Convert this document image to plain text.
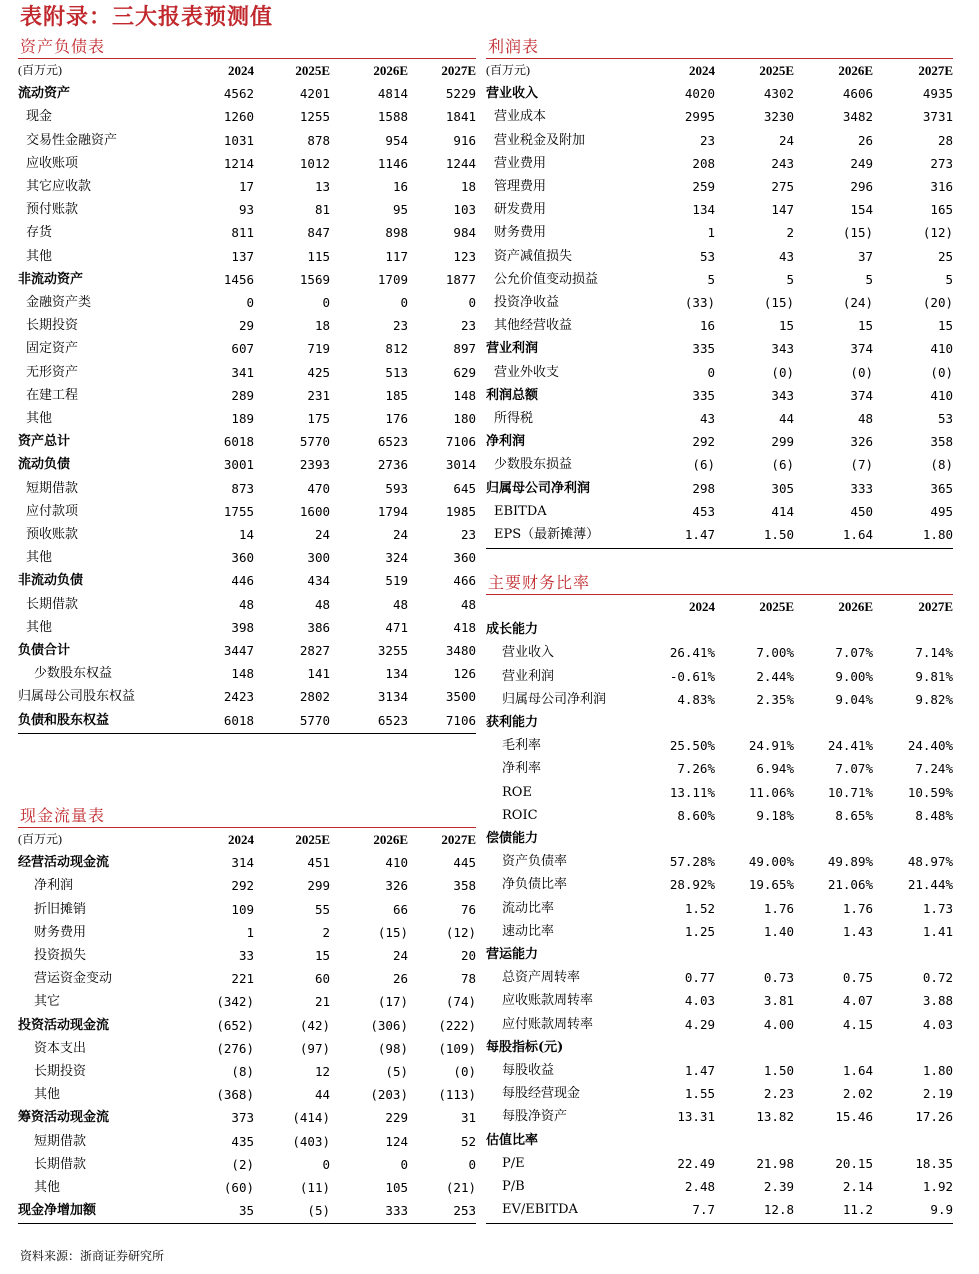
表附录：三大报表预测值
资产负债表
(百万元)	2024	2025E	2026E	2027E
流动资产	4562	4201	4814	5229
现金	1260	1255	1588	1841
交易性金融资产	1031	878	954	916
应收账项	1214	1012	1146	1244
其它应收款	17	13	16	18
预付账款	93	81	95	103
存货	811	847	898	984
其他	137	115	117	123
非流动资产	1456	1569	1709	1877
金融资产类	0	0	0	0
长期投资	29	18	23	23
固定资产	607	719	812	897
无形资产	341	425	513	629
在建工程	289	231	185	148
其他	189	175	176	180
资产总计	6018	5770	6523	7106
流动负债	3001	2393	2736	3014
短期借款	873	470	593	645
应付款项	1755	1600	1794	1985
预收账款	14	24	24	23
其他	360	300	324	360
非流动负债	446	434	519	466
长期借款	48	48	48	48
其他	398	386	471	418
负债合计	3447	2827	3255	3480
少数股东权益	148	141	134	126
归属母公司股东权益	2423	2802	3134	3500
负债和股东权益	6018	5770	6523	7106
现金流量表
(百万元)	2024	2025E	2026E	2027E
经营活动现金流	314	451	410	445
净利润	292	299	326	358
折旧摊销	109	55	66	76
财务费用	1	2	(15)	(12)
投资损失	33	15	24	20
营运资金变动	221	60	26	78
其它	(342)	21	(17)	(74)
投资活动现金流	(652)	(42)	(306)	(222)
资本支出	(276)	(97)	(98)	(109)
长期投资	(8)	12	(5)	(0)
其他	(368)	44	(203)	(113)
筹资活动现金流	373	(414)	229	31
短期借款	435	(403)	124	52
长期借款	(2)	0	0	0
其他	(60)	(11)	105	(21)
现金净增加额	35	(5)	333	253
利润表
(百万元)	2024	2025E	2026E	2027E
营业收入	4020	4302	4606	4935
营业成本	2995	3230	3482	3731
营业税金及附加	23	24	26	28
营业费用	208	243	249	273
管理费用	259	275	296	316
研发费用	134	147	154	165
财务费用	1	2	(15)	(12)
资产减值损失	53	43	37	25
公允价值变动损益	5	5	5	5
投资净收益	(33)	(15)	(24)	(20)
其他经营收益	16	15	15	15
营业利润	335	343	374	410
营业外收支	0	(0)	(0)	(0)
利润总额	335	343	374	410
所得税	43	44	48	53
净利润	292	299	326	358
少数股东损益	(6)	(6)	(7)	(8)
归属母公司净利润	298	305	333	365
EBITDA	453	414	450	495
EPS（最新摊薄）	1.47	1.50	1.64	1.80
主要财务比率
	2024	2025E	2026E	2027E
成长能力				
营业收入	26.41%	7.00%	7.07%	7.14%
营业利润	-0.61%	2.44%	9.00%	9.81%
归属母公司净利润	4.83%	2.35%	9.04%	9.82%
获利能力				
毛利率	25.50%	24.91%	24.41%	24.40%
净利率	7.26%	6.94%	7.07%	7.24%
ROE	13.11%	11.06%	10.71%	10.59%
ROIC	8.60%	9.18%	8.65%	8.48%
偿债能力				
资产负债率	57.28%	49.00%	49.89%	48.97%
净负债比率	28.92%	19.65%	21.06%	21.44%
流动比率	1.52	1.76	1.76	1.73
速动比率	1.25	1.40	1.43	1.41
营运能力				
总资产周转率	0.77	0.73	0.75	0.72
应收账款周转率	4.03	3.81	4.07	3.88
应付账款周转率	4.29	4.00	4.15	4.03
每股指标(元)				
每股收益	1.47	1.50	1.64	1.80
每股经营现金	1.55	2.23	2.02	2.19
每股净资产	13.31	13.82	15.46	17.26
估值比率				
P/E	22.49	21.98	20.15	18.35
P/B	2.48	2.39	2.14	1.92
EV/EBITDA	7.7	12.8	11.2	9.9
资料来源：浙商证券研究所
